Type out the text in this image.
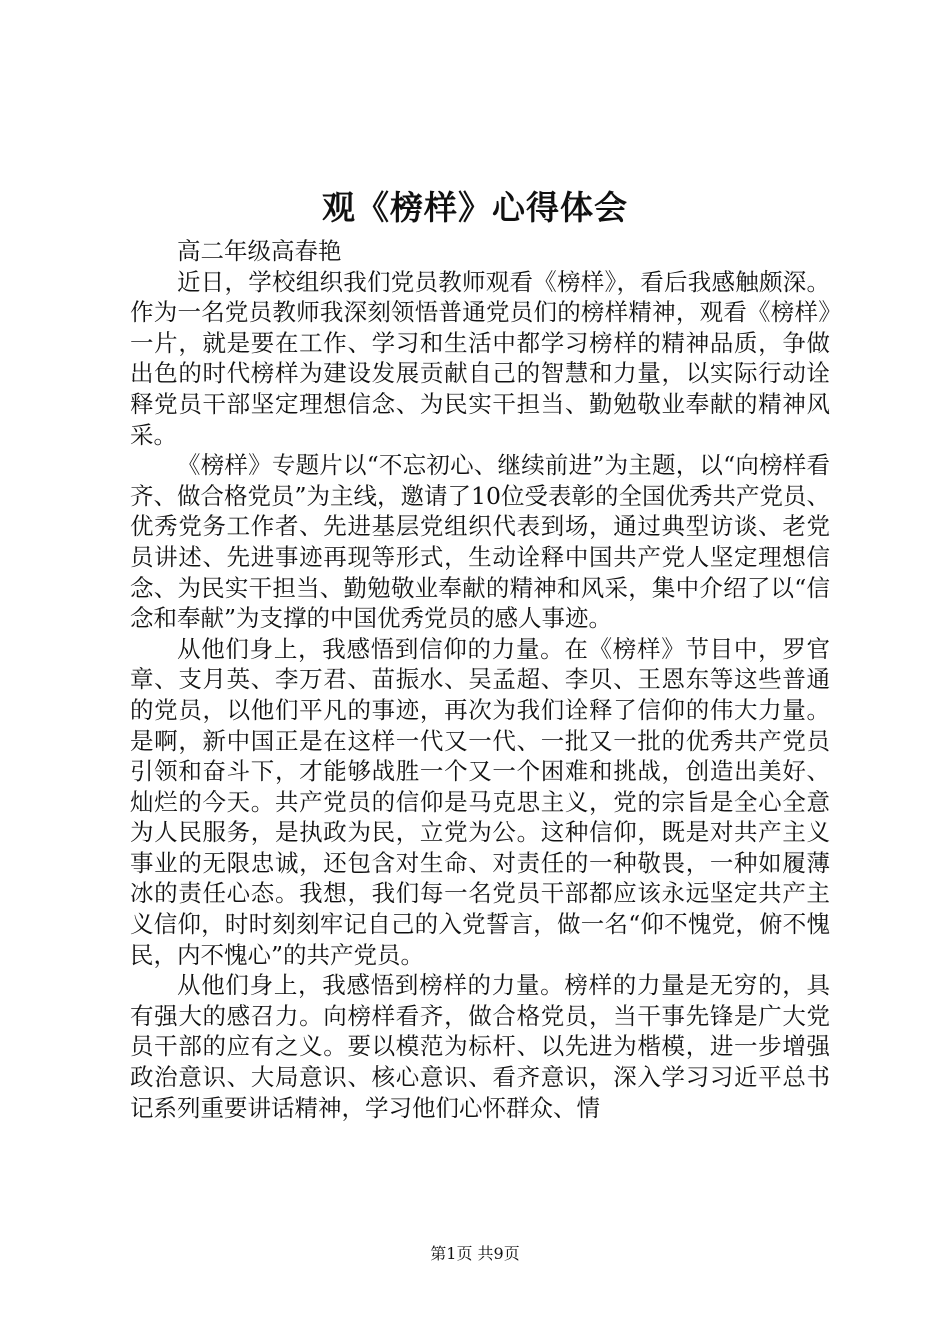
观《榜样》心得体会

高二年级高春艳

近日，学校组织我们党员教师观看《榜样》，看后我感触颇深。作为一名党员教师我深刻领悟普通党员们的榜样精神，观看《榜样》一片，就是要在工作、学习和生活中都学习榜样的精神品质，争做出色的时代榜样为建设发展贡献自己的智慧和力量，以实际行动诠释党员干部坚定理想信念、为民实干担当、勤勉敬业奉献的精神风采。

《榜样》专题片以“不忘初心、继续前进”为主题，以“向榜样看齐、做合格党员”为主线，邀请了10位受表彰的全国优秀共产党员、优秀党务工作者、先进基层党组织代表到场，通过典型访谈、老党员讲述、先进事迹再现等形式，生动诠释中国共产党人坚定理想信念、为民实干担当、勤勉敬业奉献的精神和风采，集中介绍了以“信念和奉献”为支撑的中国优秀党员的感人事迹。

从他们身上，我感悟到信仰的力量。在《榜样》节目中，罗官章、支月英、李万君、苗振水、吴孟超、李贝、王恩东等这些普通的党员，以他们平凡的事迹，再次为我们诠释了信仰的伟大力量。是啊，新中国正是在这样一代又一代、一批又一批的优秀共产党员引领和奋斗下，才能够战胜一个又一个困难和挑战，创造出美好、灿烂的今天。共产党员的信仰是马克思主义，党的宗旨是全心全意为人民服务，是执政为民，立党为公。这种信仰，既是对共产主义事业的无限忠诚，还包含对生命、对责任的一种敬畏，一种如履薄冰的责任心态。我想，我们每一名党员干部都应该永远坚定共产主义信仰，时时刻刻牢记自己的入党誓言，做一名“仰不愧党，俯不愧民，内不愧心”的共产党员。

从他们身上，我感悟到榜样的力量。榜样的力量是无穷的，具有强大的感召力。向榜样看齐，做合格党员，当干事先锋是广大党员干部的应有之义。要以模范为标杆、以先进为楷模，进一步增强政治意识、大局意识、核心意识、看齐意识，深入学习习近平总书记系列重要讲话精神，学习他们心怀群众、情

第1页 共9页
